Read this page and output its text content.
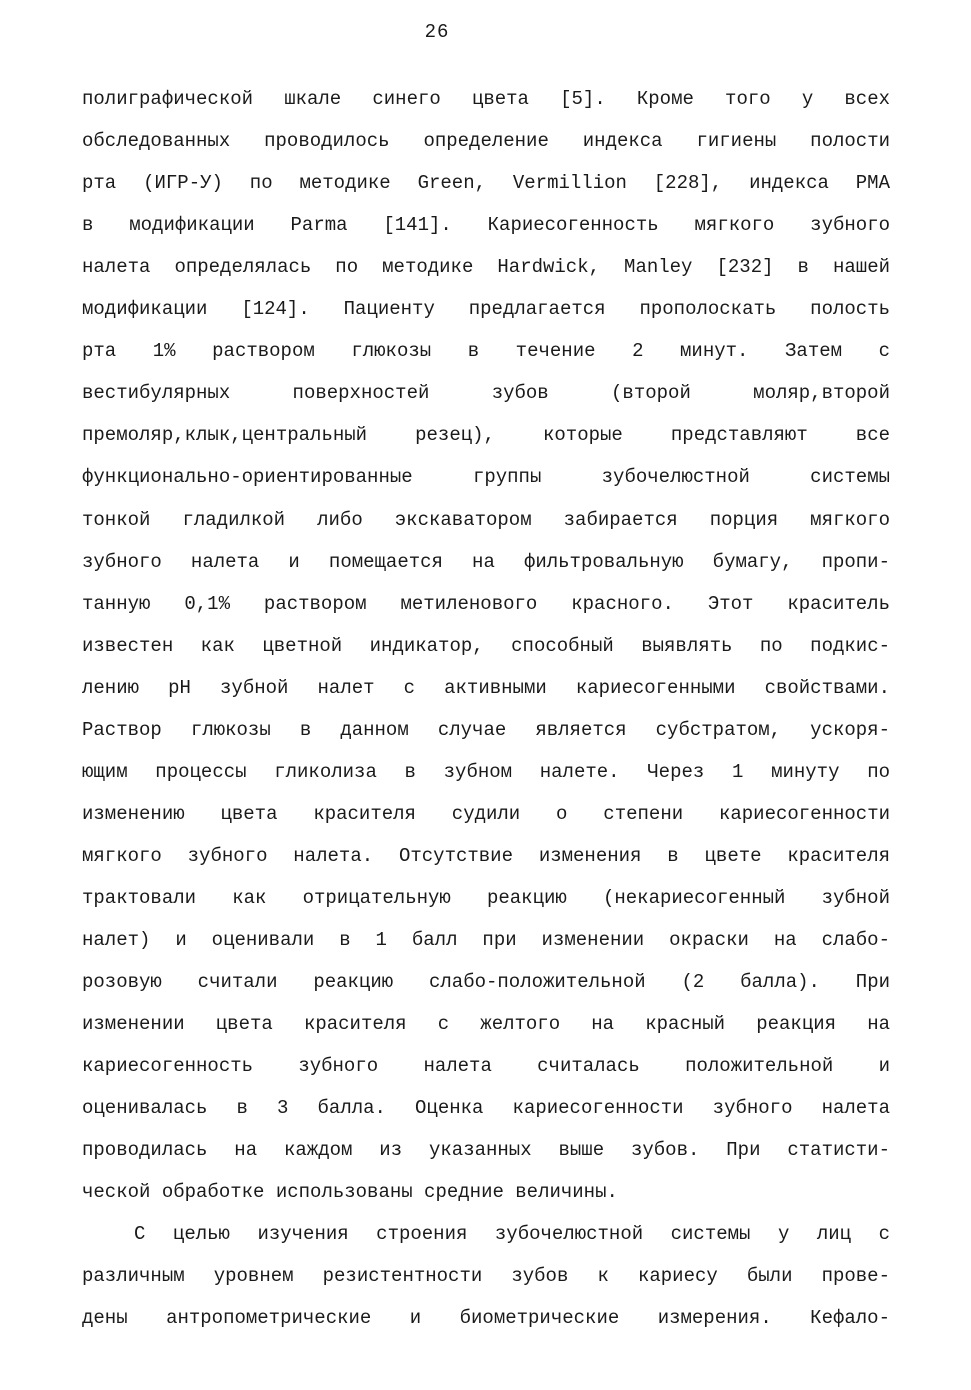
26
полиграфической шкале синего цвета [5]. Кроме того у всех
обследованных проводилось определение индекса гигиены полости
рта (ИГР-У) по методике Green, Vermillion [228], индекса РМА
в модификации Parma [141]. Кариесогенность мягкого зубного
налета определялась по методике Hardwick, Manley [232] в нашей
модификации [124]. Пациенту предлагается прополоскать полость
рта 1% раствором глюкозы в течение 2 минут. Затем с
вестибулярных поверхностей зубов (второй моляр,второй
премоляр,клык,центральный резец), которые представляют все
функционально-ориентированные группы зубочелюстной системы
тонкой гладилкой либо экскаватором забирается порция мягкого
зубного налета и помещается на фильтровальную бумагу, пропи-
танную 0,1% раствором метиленового красного. Этот краситель
известен как цветной индикатор, способный выявлять по подкис-
лению pH зубной налет с активными кариесогенными свойствами.
Раствор глюкозы в данном случае является субстратом, ускоря-
ющим процессы гликолиза в зубном налете. Через 1 минуту по
изменению цвета красителя судили о степени кариесогенности
мягкого зубного налета. Отсутствие изменения в цвете красителя
трактовали как отрицательную реакцию (некариесогенный зубной
налет) и оценивали в 1 балл при изменении окраски на слабо-
розовую считали реакцию слабо-положительной (2 балла). При
изменении цвета красителя с желтого на красный реакция на
кариесогенность зубного налета считалась положительной и
оценивалась в 3 балла. Оценка кариесогенности зубного налета
проводилась на каждом из указанных выше зубов. При статисти-
ческой обработке использованы средние величины.
С целью изучения строения зубочелюстной системы у лиц с
различным уровнем резистентности зубов к кариесу были прове-
дены антропометрические и биометрические измерения. Кефало-
